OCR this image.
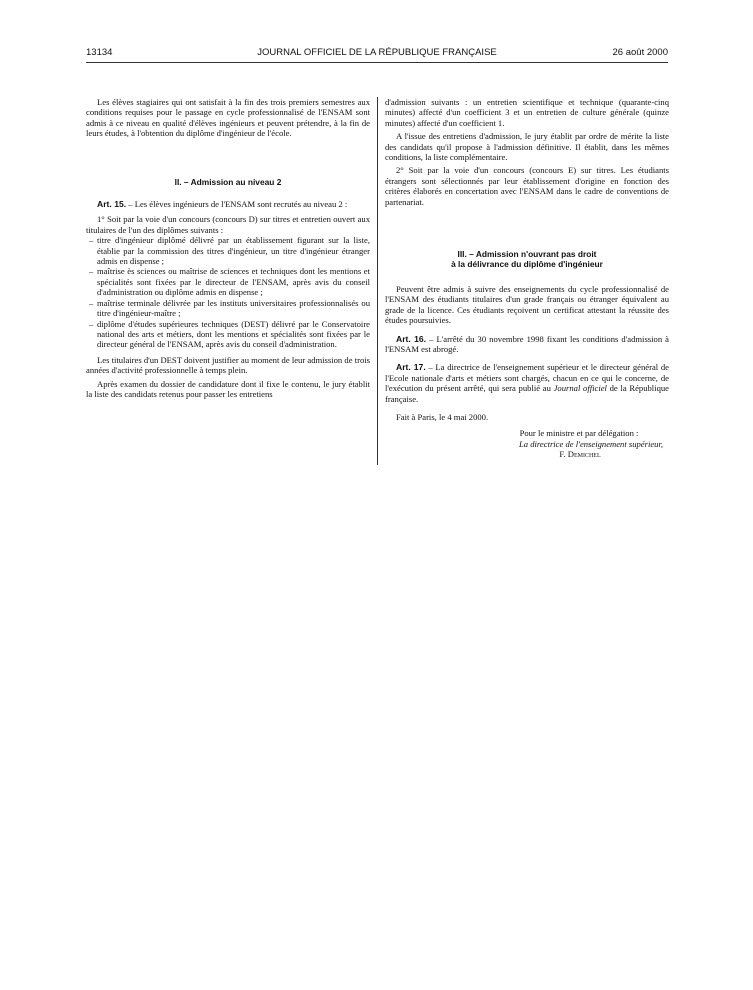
13134	JOURNAL OFFICIEL DE LA RÉPUBLIQUE FRANÇAISE	26 août 2000

Les élèves stagiaires qui ont satisfait à la fin des trois premiers semestres aux conditions requises pour le passage en cycle professionnalisé de l'ENSAM sont admis à ce niveau en qualité d'élèves ingénieurs et peuvent prétendre, à la fin de leurs études, à l'obtention du diplôme d'ingénieur de l'école.

II. – Admission au niveau 2

Art. 15. – Les élèves ingénieurs de l'ENSAM sont recrutés au niveau 2 :

1° Soit par la voie d'un concours (concours D) sur titres et entretien ouvert aux titulaires de l'un des diplômes suivants :

– titre d'ingénieur diplômé délivré par un établissement figurant sur la liste, établie par la commission des titres d'ingénieur, un titre d'ingénieur étranger admis en dispense ;
– maîtrise ès sciences ou maîtrise de sciences et techniques dont les mentions et spécialités sont fixées par le directeur de l'ENSAM, après avis du conseil d'administration ou diplôme admis en dispense ;
– maîtrise terminale délivrée par les instituts universitaires professionnalisés ou titre d'ingénieur-maître ;
– diplôme d'études supérieures techniques (DEST) délivré par le Conservatoire national des arts et métiers, dont les mentions et spécialités sont fixées par le directeur général de l'ENSAM, après avis du conseil d'administration.

Les titulaires d'un DEST doivent justifier au moment de leur admission de trois années d'activité professionnelle à temps plein.

Après examen du dossier de candidature dont il fixe le contenu, le jury établit la liste des candidats retenus pour passer les entretiens

d'admission suivants : un entretien scientifique et technique (quarante-cinq minutes) affecté d'un coefficient 3 et un entretien de culture générale (quinze minutes) affecté d'un coefficient 1.

A l'issue des entretiens d'admission, le jury établit par ordre de mérite la liste des candidats qu'il propose à l'admission définitive. Il établit, dans les mêmes conditions, la liste complémentaire.

2° Soit par la voie d'un concours (concours E) sur titres. Les étudiants étrangers sont sélectionnés par leur établissement d'origine en fonction des critères élaborés en concertation avec l'ENSAM dans le cadre de conventions de partenariat.

III. – Admission n'ouvrant pas droit

à la délivrance du diplôme d'ingénieur

Peuvent être admis à suivre des enseignements du cycle professionnalisé de l'ENSAM des étudiants titulaires d'un grade français ou étranger équivalent au grade de la licence. Ces étudiants reçoivent un certificat attestant la réussite des études poursuivies.

Art. 16. – L'arrêté du 30 novembre 1998 fixant les conditions d'admission à l'ENSAM est abrogé.

Art. 17. – La directrice de l'enseignement supérieur et le directeur général de l'Ecole nationale d'arts et métiers sont chargés, chacun en ce qui le concerne, de l'exécution du présent arrêté, qui sera publié au Journal officiel de la République française.

Fait à Paris, le 4 mai 2000.

Pour le ministre et par délégation :

La directrice de l'enseignement supérieur,

F. Demichel
